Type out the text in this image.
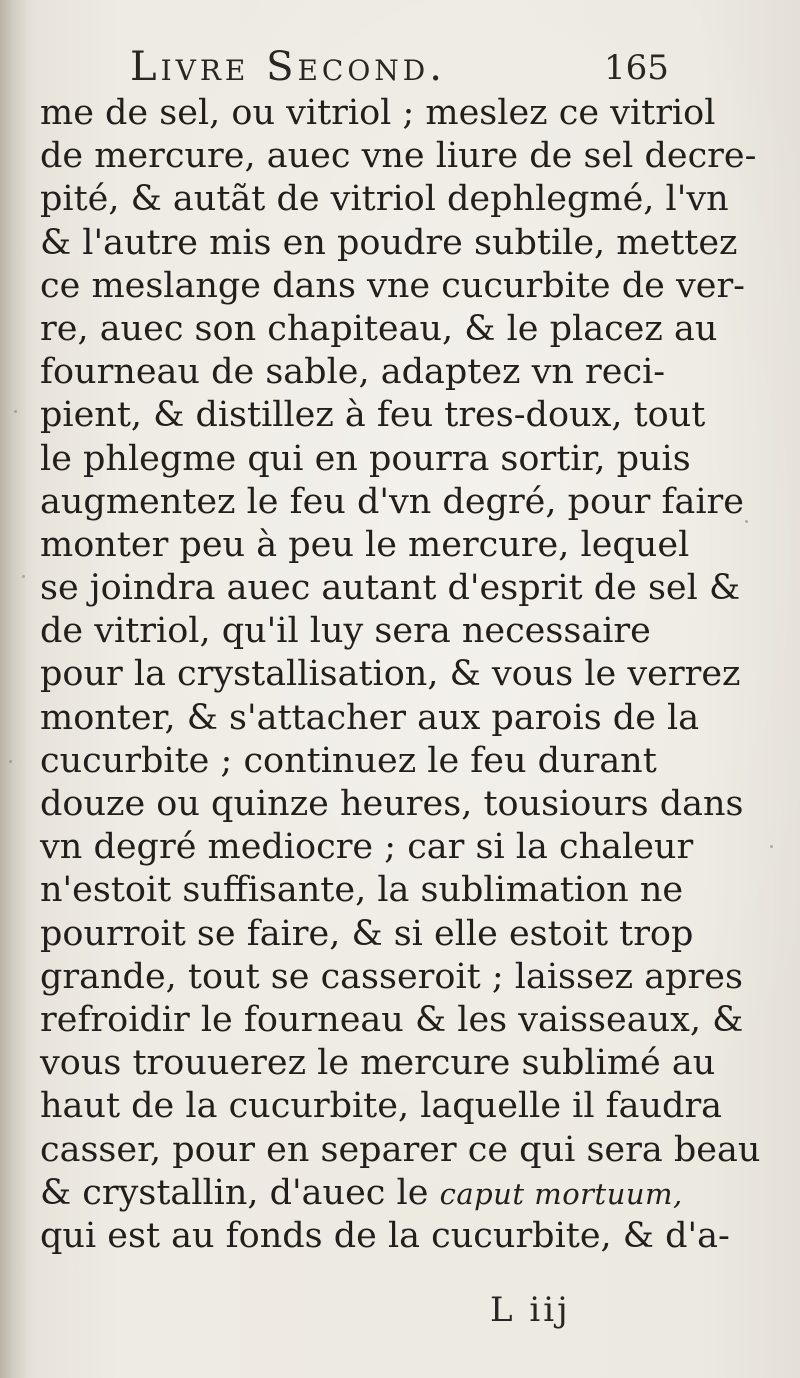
Livre Second.	165
me de sel, ou vitriol ; meslez ce vitriol
de mercure, auec vne liure de sel decre-
pité, & autãt de vitriol dephlegmé, l'vn
& l'autre mis en poudre subtile, mettez
ce meslange dans vne cucurbite de ver-
re, auec son chapiteau, & le placez au
fourneau de sable, adaptez vn reci-
pient, & distillez à feu tres-doux, tout
le phlegme qui en pourra sortir, puis
augmentez le feu d'vn degré, pour faire
monter peu à peu le mercure, lequel
se joindra auec autant d'esprit de sel &
de vitriol, qu'il luy sera necessaire
pour la crystallisation, & vous le verrez
monter, & s'attacher aux parois de la
cucurbite ; continuez le feu durant
douze ou quinze heures, tousiours dans
vn degré mediocre ; car si la chaleur
n'estoit suffisante, la sublimation ne
pourroit se faire, & si elle estoit trop
grande, tout se casseroit ; laissez apres
refroidir le fourneau & les vaisseaux, &
vous trouuerez le mercure sublimé au
haut de la cucurbite, laquelle il faudra
casser, pour en separer ce qui sera beau
& crystallin, d'auec le caput mortuum,
qui est au fonds de la cucurbite, & d'a-
L iij
